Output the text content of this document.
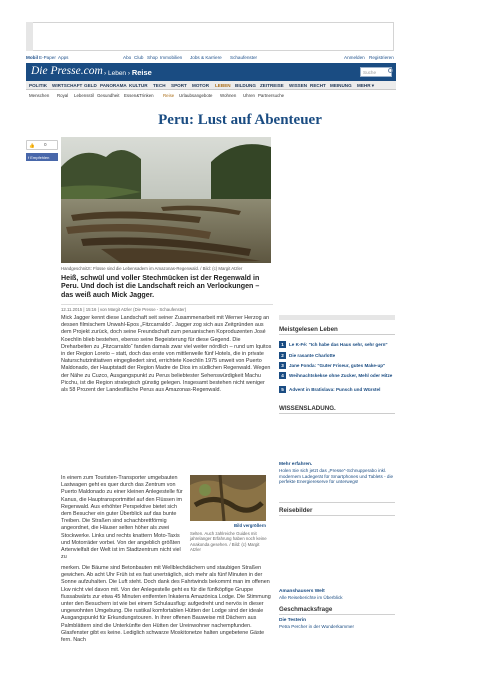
Mobil E-Paper Apps	Abo Club Shop Immobilien Jobs & Karriere Schaufenster	Anmelden Registrieren
Die Presse.com › Leben › Reise	Suche
POLITIK WIRTSCHAFT GELD PANORAMA KULTUR TECH SPORT MOTOR LEBEN BILDUNG ZEITREISE WISSEN RECHT MEINUNG MEHR ▾
Menschen Royal Lebensstil Gesundheit Essen&Trinken Reise Urlaubsangebote Wohnen Uhren Partnersuche
Peru: Lust auf Abenteuer
👍	0
f Empfehlen
Handgeschnitzt: Flüsse sind die Lebensadern im Amazonas-Regenwald. / Bild: (c) Margit Atzler
Heiß, schwül und voller Stechmücken ist der Regenwald in Peru. Und doch ist die Landschaft reich an Verlockungen – das weiß auch Mick Jagger.
12.11.2015 | 15:16 | von Margit Atzler (Die Presse - Schaufenster)
Mick Jagger kennt diese Landschaft seit seiner Zusammenarbeit mit Werner Herzog an dessen filmischem Unwahl-Epos „Fitzcarraldo“. Jagger zog sich aus Zeitgründen aus dem Projekt zurück, doch seine Freundschaft zum peruanischen Koproduzenten José Koechlin blieb bestehen, ebenso seine Begeisterung für diese Gegend. Die Dreharbeiten zu „Fitzcarraldo“ fanden damals zwar viel weiter nördlich – rund um Iquitos in der Region Loreto – statt, doch das erste von mittlerweile fünf Hotels, die in private Naturschutzinitiativen eingegliedert sind, errichtete Koechlin 1975 unweit von Puerto Maldonado, der Hauptstadt der Region Madre de Dios im südlichen Regenwald. Wegen der Nähe zu Cuzco, Ausgangspunkt zu Perus beliebtester Sehenswürdigkeit Machu Picchu, ist die Region strategisch günstig gelegen. Insgesamt bestehen nicht weniger als 58 Prozent der Landesfläche Perus aus Amazonas-Regenwald.
Meistgelesen Leben
1	Le K-Fé: "Ich habe das Haus sehr, sehr gern"
2	Die rasante Charlotte
3	Jane Fonda: "Guter Friseur, gutes Make-up"
4	Weihnachtskekse ohne Zucker, Mehl oder Hitze
5	Advent in Bratislava: Punsch und Würstel
WISSENSLADUNG.
In einem zum Touristen-Transporter umgebauten Lastwagen geht es quer durch das Zentrum von Puerto Maldonado zu einer kleinen Anlegestelle für Kanus, die Hauptransportmittel auf den Flüssen im Regenwald. Aus erhöhter Perspektive bietet sich dem Besucher ein guter Überblick auf das bunte Treiben. Die Straßen sind schachbrettförmig angeordnet, die Häuser selten höher als zwei Stockwerke. Links und rechts knattern Moto-Taxis und Motorräder vorbei. Von der angeblich größten Artenvielfalt der Welt ist im Stadtzentrum nicht viel zu
Bild vergrößern
Selten. Auch zahlreiche Guides mit jahrelanger Erfahrung haben noch keine Anakonda gesehen. / Bild: (c) Margit Atzler
merken. Die Bäume sind Betonbauten mit Wellblechdächern und staubigen Straßen gewichen. Ab acht Uhr Früh ist es fast unerträglich, sich mehr als fünf Minuten in der Sonne aufzuhalten. Die Luft steht. Doch dank des Fahrtwinds bekommt man im offenen Lkw nicht viel davon mit. Von der Anlegestelle geht es für die fünfköpfige Gruppe flussabwärts zur etwa 45 Minuten entfernten Inkaterra Amazónica Lodge. Die Stimmung unter den Besuchern ist wie bei einem Schulausflug: aufgedreht und nervös in dieser ungewohnten Umgebung. Die rustikal komfortablen Hütten der Lodge sind der ideale Ausgangspunkt für Erkundungstouren. In ihrer offenen Bauweise mit Dächern aus Palmblättern sind die Unterkünfte den Hütten der Ureinwohner nachempfunden. Glasfenster gibt es keine. Lediglich schwarze Moskitonetze halten ungebetene Gäste fern. Nach
Mehr erfahren.
Holen Sie sich jetzt das „Presse“-Schnupperabo inkl. modernem Ladegerät für Smartphones und Tablets - die perfekte Energiereserve für unterwegs!
Reisebilder
Amanshausers Welt
Alle Reiseberichte im Überblick
Geschmacksfrage
Die Testerin
Petra Percher in der Wunderkammer
